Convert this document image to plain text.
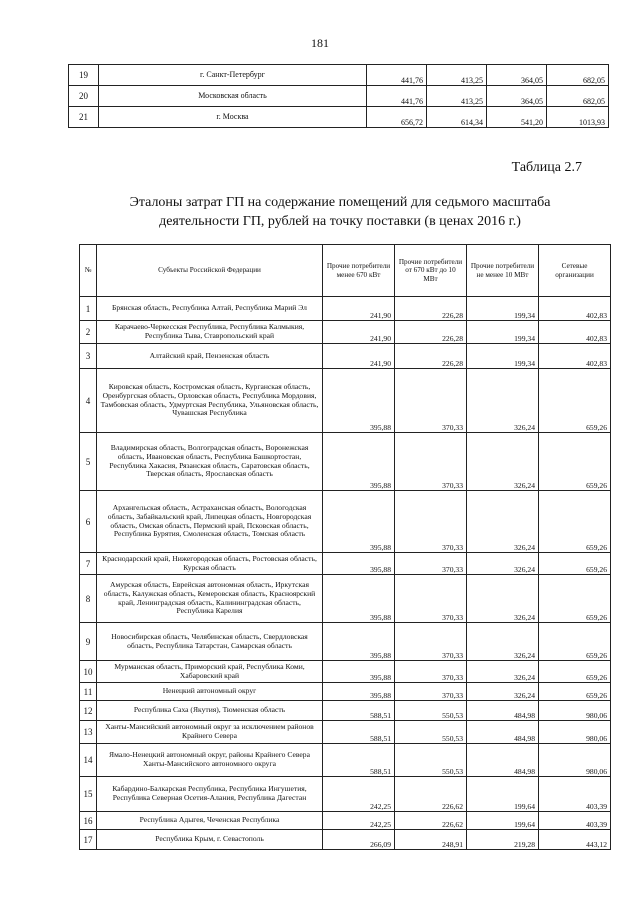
181
19	г. Санкт-Петербург	441,76	413,25	364,05	682,05
20	Московская область	441,76	413,25	364,05	682,05
21	г. Москва	656,72	614,34	541,20	1013,93
Таблица 2.7
Эталоны затрат ГП на содержание помещений для седьмого масштаба
деятельности ГП, рублей на точку поставки (в ценах 2016 г.)
№	Субъекты Российской Федерации	Прочие потребители менее 670 кВт	Прочие потребители от 670 кВт до 10 МВт	Прочие потребители не менее 10 МВт	Сетевые организации
1	Брянская область, Республика Алтай, Республика Марий Эл	241,90	226,28	199,34	402,83
2	Карачаево-Черкесская Республика, Республика Калмыкия, Республика Тыва, Ставропольский край	241,90	226,28	199,34	402,83
3	Алтайский край, Пензенская область	241,90	226,28	199,34	402,83
4	Кировская область, Костромская область, Курганская область, Оренбургская область, Орловская область, Республика Мордовия, Тамбовская область, Удмуртская Республика, Ульяновская область, Чувашская Республика	395,88	370,33	326,24	659,26
5	Владимирская область, Волгоградская область, Воронежская область, Ивановская область, Республика Башкортостан, Республика Хакасия, Рязанская область, Саратовская область, Тверская область, Ярославская область	395,88	370,33	326,24	659,26
6	Архангельская область, Астраханская область, Вологодская область, Забайкальский край, Липецкая область, Новгородская область, Омская область, Пермский край, Псковская область, Республика Бурятия, Смоленская область, Томская область	395,88	370,33	326,24	659,26
7	Краснодарский край, Нижегородская область, Ростовская область, Курская область	395,88	370,33	326,24	659,26
8	Амурская область, Еврейская автономная область, Иркутская область, Калужская область, Кемеровская область, Красноярский край, Ленинградская область, Калининградская область, Республика Карелия	395,88	370,33	326,24	659,26
9	Новосибирская область, Челябинская область, Свердловская область, Республика Татарстан, Самарская область	395,88	370,33	326,24	659,26
10	Мурманская область, Приморский край, Республика Коми, Хабаровский край	395,88	370,33	326,24	659,26
11	Ненецкий автономный округ	395,88	370,33	326,24	659,26
12	Республика Саха (Якутия), Тюменская область	588,51	550,53	484,98	980,06
13	Ханты-Мансийский автономный округ за исключением районов Крайнего Севера	588,51	550,53	484,98	980,06
14	Ямало-Ненецкий автономный округ, районы Крайнего Севера Ханты-Мансийского автономного округа	588,51	550,53	484,98	980,06
15	Кабардино-Балкарская Республика, Республика Ингушетия, Республика Северная Осетия-Алания, Республика Дагестан	242,25	226,62	199,64	403,39
16	Республика Адыгея, Чеченская Республика	242,25	226,62	199,64	403,39
17	Республика Крым, г. Севастополь	266,09	248,91	219,28	443,12
